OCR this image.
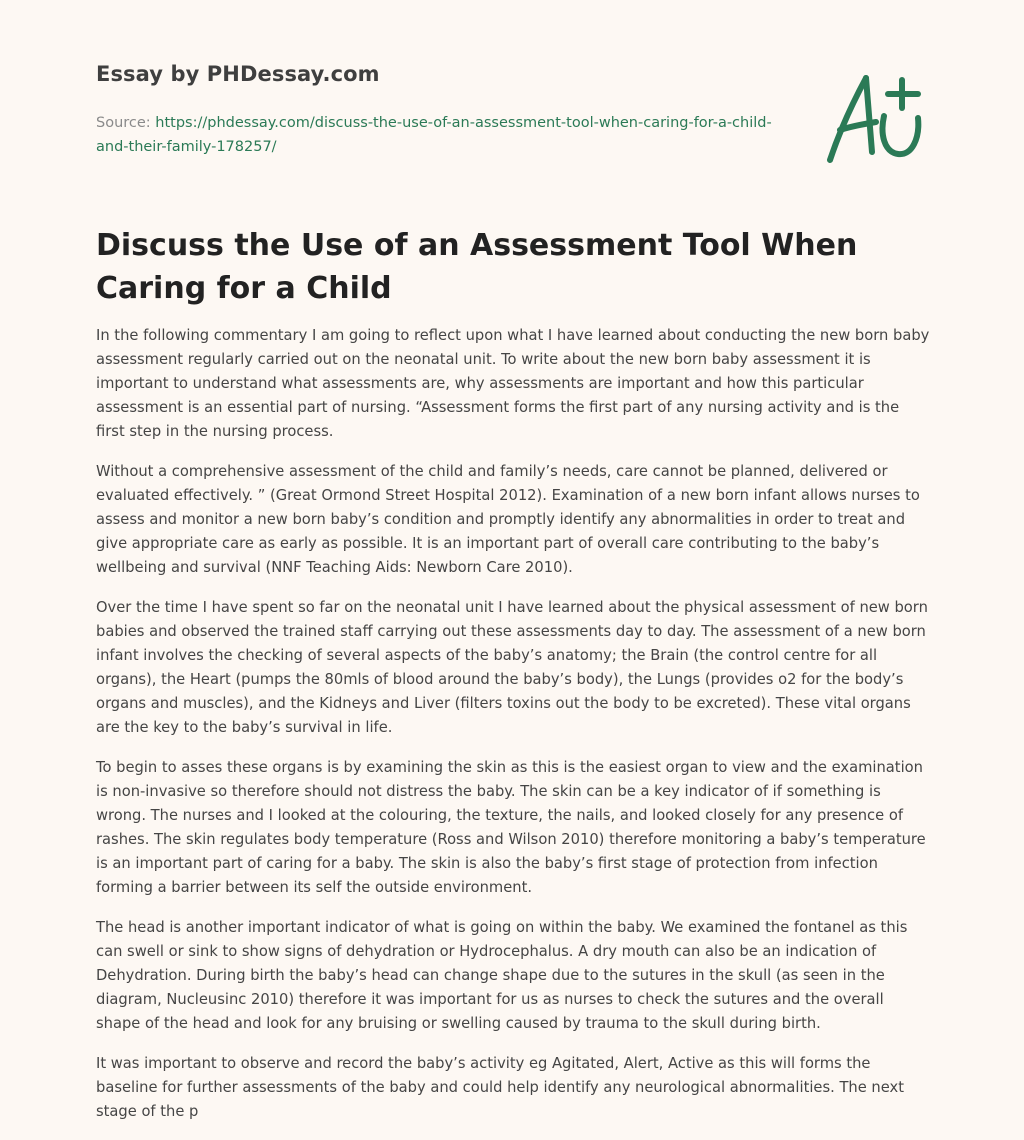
Essay by PHDessay.com
Source: https://phdessay.com/discuss-the-use-of-an-assessment-tool-when-caring-for-a-child-and-their-family-178257/
Discuss the Use of an Assessment Tool When Caring for a Child

In the following commentary I am going to reflect upon what I have learned about conducting the new born baby assessment regularly carried out on the neonatal unit. To write about the new born baby assessment it is important to understand what assessments are, why assessments are important and how this particular assessment is an essential part of nursing. “Assessment forms the first part of any nursing activity and is the first step in the nursing process.

Without a comprehensive assessment of the child and family’s needs, care cannot be planned, delivered or evaluated effectively. ” (Great Ormond Street Hospital 2012). Examination of a new born infant allows nurses to assess and monitor a new born baby’s condition and promptly identify any abnormalities in order to treat and give appropriate care as early as possible. It is an important part of overall care contributing to the baby’s wellbeing and survival (NNF Teaching Aids: Newborn Care 2010).

Over the time I have spent so far on the neonatal unit I have learned about the physical assessment of new born babies and observed the trained staff carrying out these assessments day to day. The assessment of a new born infant involves the checking of several aspects of the baby’s anatomy; the Brain (the control centre for all organs), the Heart (pumps the 80mls of blood around the baby’s body), the Lungs (provides o2 for the body’s organs and muscles), and the Kidneys and Liver (filters toxins out the body to be excreted). These vital organs are the key to the baby’s survival in life.

To begin to asses these organs is by examining the skin as this is the easiest organ to view and the examination is non-invasive so therefore should not distress the baby. The skin can be a key indicator of if something is wrong. The nurses and I looked at the colouring, the texture, the nails, and looked closely for any presence of rashes. The skin regulates body temperature (Ross and Wilson 2010) therefore monitoring a baby’s temperature is an important part of caring for a baby. The skin is also the baby’s first stage of protection from infection forming a barrier between its self the outside environment.

The head is another important indicator of what is going on within the baby. We examined the fontanel as this can swell or sink to show signs of dehydration or Hydrocephalus. A dry mouth can also be an indication of Dehydration. During birth the baby’s head can change shape due to the sutures in the skull (as seen in the diagram, Nucleusinc 2010) therefore it was important for us as nurses to check the sutures and the overall shape of the head and look for any bruising or swelling caused by trauma to the skull during birth.

It was important to observe and record the baby’s activity eg Agitated, Alert, Active as this will forms the baseline for further assessments of the baby and could help identify any neurological abnormalities. The next stage of the p
